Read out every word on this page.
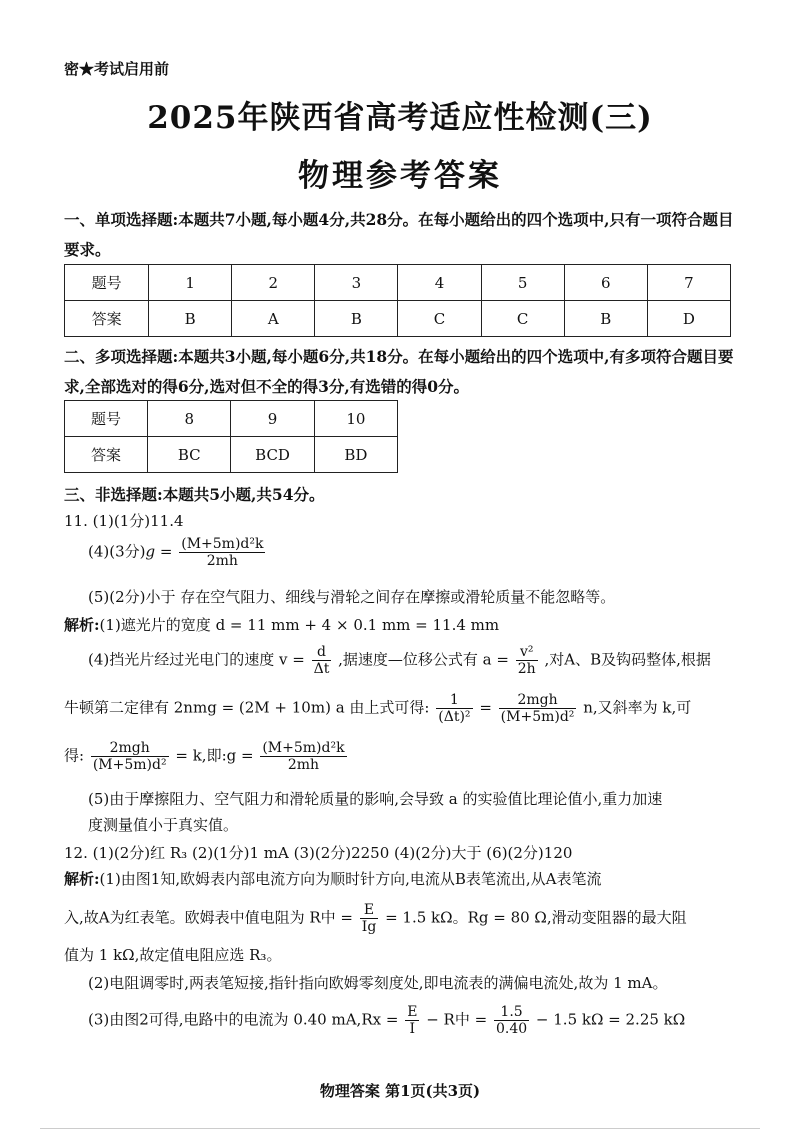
密★考试启用前
2025年陕西省高考适应性检测(三)
物理参考答案
一、单项选择题:本题共7小题,每小题4分,共28分。在每小题给出的四个选项中,只有一项符合题目要求。
题号	1	2	3	4	5	6	7
答案	B	A	B	C	C	B	D
二、多项选择题:本题共3小题,每小题6分,共18分。在每小题给出的四个选项中,有多项符合题目要求,全部选对的得6分,选对但不全的得3分,有选错的得0分。
题号	8	9	10
答案	BC	BCD	BD
三、非选择题:本题共5小题,共54分。
11. (1)(1分)11.4
(4)(3分)$g = \frac{\text{(M+5m)d²k}}{2mh}$
(5)(2分)小于 存在空气阻力、细线与滑轮之间存在摩擦或滑轮质量不能忽略等。
解析:(1)遮光片的宽度 d = 11 mm + 4 × 0.1 mm = 11.4 mm
(4)挡光片经过光电门的速度 $v = \frac{d}{\Delta t}$ ,据速度—位移公式有 $a = \frac{\text{v²}}{2h}$ ,对A、B及钩码整体,根据
牛顿第二定律有 2nmg = (2M + 10m) a 由上式可得: $\frac{1}{\text{(Δt)²}} = \frac{\text{2mgh}}{\text{(M+5m)d²}} n$,又斜率为 k,可
得: $\frac{\text{2mgh}}{\text{(M+5m)d²}} = k$,即:g = $\frac{\text{(M+5m)d²k}}{2mh}$
(5)由于摩擦阻力、空气阻力和滑轮质量的影响,会导致 a 的实验值比理论值小,重力加速
度测量值小于真实值。
12. (1)(2分)红 R₃ (2)(1分)1 mA (3)(2分)2250 (4)(2分)大于 (6)(2分)120
解析:(1)由图1知,欧姆表内部电流方向为顺时针方向,电流从B表笔流出,从A表笔流
入,故A为红表笔。欧姆表中值电阻为 R中 = $\frac{E}{Ig} = 1.5$ kΩ。Rg = 80 Ω,滑动变阻器的最大阻
值为 1 kΩ,故定值电阻应选 R₃。
(2)电阻调零时,两表笔短接,指针指向欧姆零刻度处,即电流表的满偏电流处,故为 1 mA。
(3)由图2可得,电路中的电流为 0.40 $mA,Rx = \frac{E}{I} - R$中 = $\frac{1.5}{0.40} - 1.5$ kΩ = 2.25 kΩ
物理答案 第1页(共3页)
